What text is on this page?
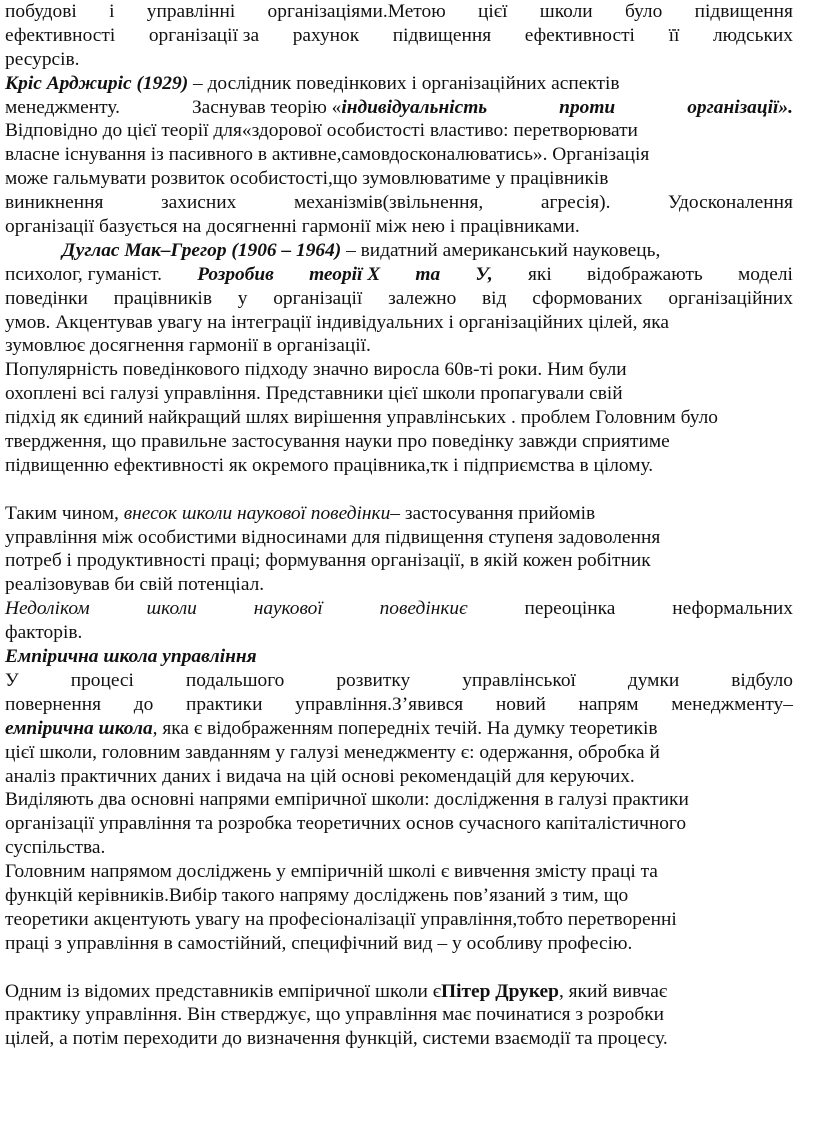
побудові і управлінні організаціями.Метою цієї школи було підвищення
ефективності організації за рахунок підвищення ефективності її людських
ресурсів.
Кріс Арджиріс (1929) – дослідник поведінкових і організаційних аспектів
менеджменту.	Заснував теорію «індивідуальність	проти	організації».
Відповідно до цієї теорії для«здорової особистості властиво: перетворювати
власне існування із пасивного в активне,самовдосконалюватись». Організація
може гальмувати розвиток особистості,що зумовлюватиме у працівників
виникнення	захисних	механізмів(звільнення,	агресія).	Удосконалення
організації базується на досягненні гармонії між нею і працівниками.
Дуглас Мак–Грегор (1906 – 1964) – видатний американський науковець,
психолог, гуманіст. Розробив теорії X та У, які відображають моделі
поведінки працівників у організації залежно від сформованих організаційних
умов. Акцентував увагу на інтеграції індивідуальних і організаційних цілей, яка
зумовлює досягнення гармонії в організації.
Популярність поведінкового підходу значно виросла 60в-ті роки. Ним були
охоплені всі галузі управління. Представники цієї школи пропагували свій
підхід як єдиний найкращий шлях вирішення управлінських . проблем Головним було
твердження, що правильне застосування науки про поведінку завжди сприятиме
підвищенню ефективності як окремого працівника,тк і підприємства в цілому.
Таким чином, внесок школи наукової поведінки– застосування прийомів
управління між особистими відносинами для підвищення ступеня задоволення
потреб і продуктивності праці; формування організації, в якій кожен робітник
реалізовував би свій потенціал.
Недоліком	школи	наукової	поведінкиє	переоцінка	неформальних
факторів.
Емпірична школа управління
У	процесі	подальшого	розвитку	управлінської	думки	відбуло
повернення до практики управління.З’явився новий напрям менеджменту–
емпірична школа, яка є відображенням попередніх течій. На думку теоретиків
цієї школи, головним завданням у галузі менеджменту є: одержання, обробка й
аналіз практичних даних і видача на цій основі рекомендацій для керуючих.
Виділяють два основні напрями емпіричної школи: дослідження в галузі практики
організації управління та розробка теоретичних основ сучасного капіталістичного
суспільства.
Головним напрямом досліджень у емпіричній школі є вивчення змісту праці та
функцій керівників.Вибір такого напряму досліджень пов’язаний з тим, що
теоретики акцентують увагу на професіоналізації управління,тобто перетворенні
праці з управління в самостійний, специфічний вид – у особливу професію.
Одним із відомих представників емпіричної школи єПітер Друкер, який вивчає
практику управління. Він стверджує, що управління має починатися з розробки
цілей, а потім переходити до визначення функцій, системи взаємодії та процесу.
